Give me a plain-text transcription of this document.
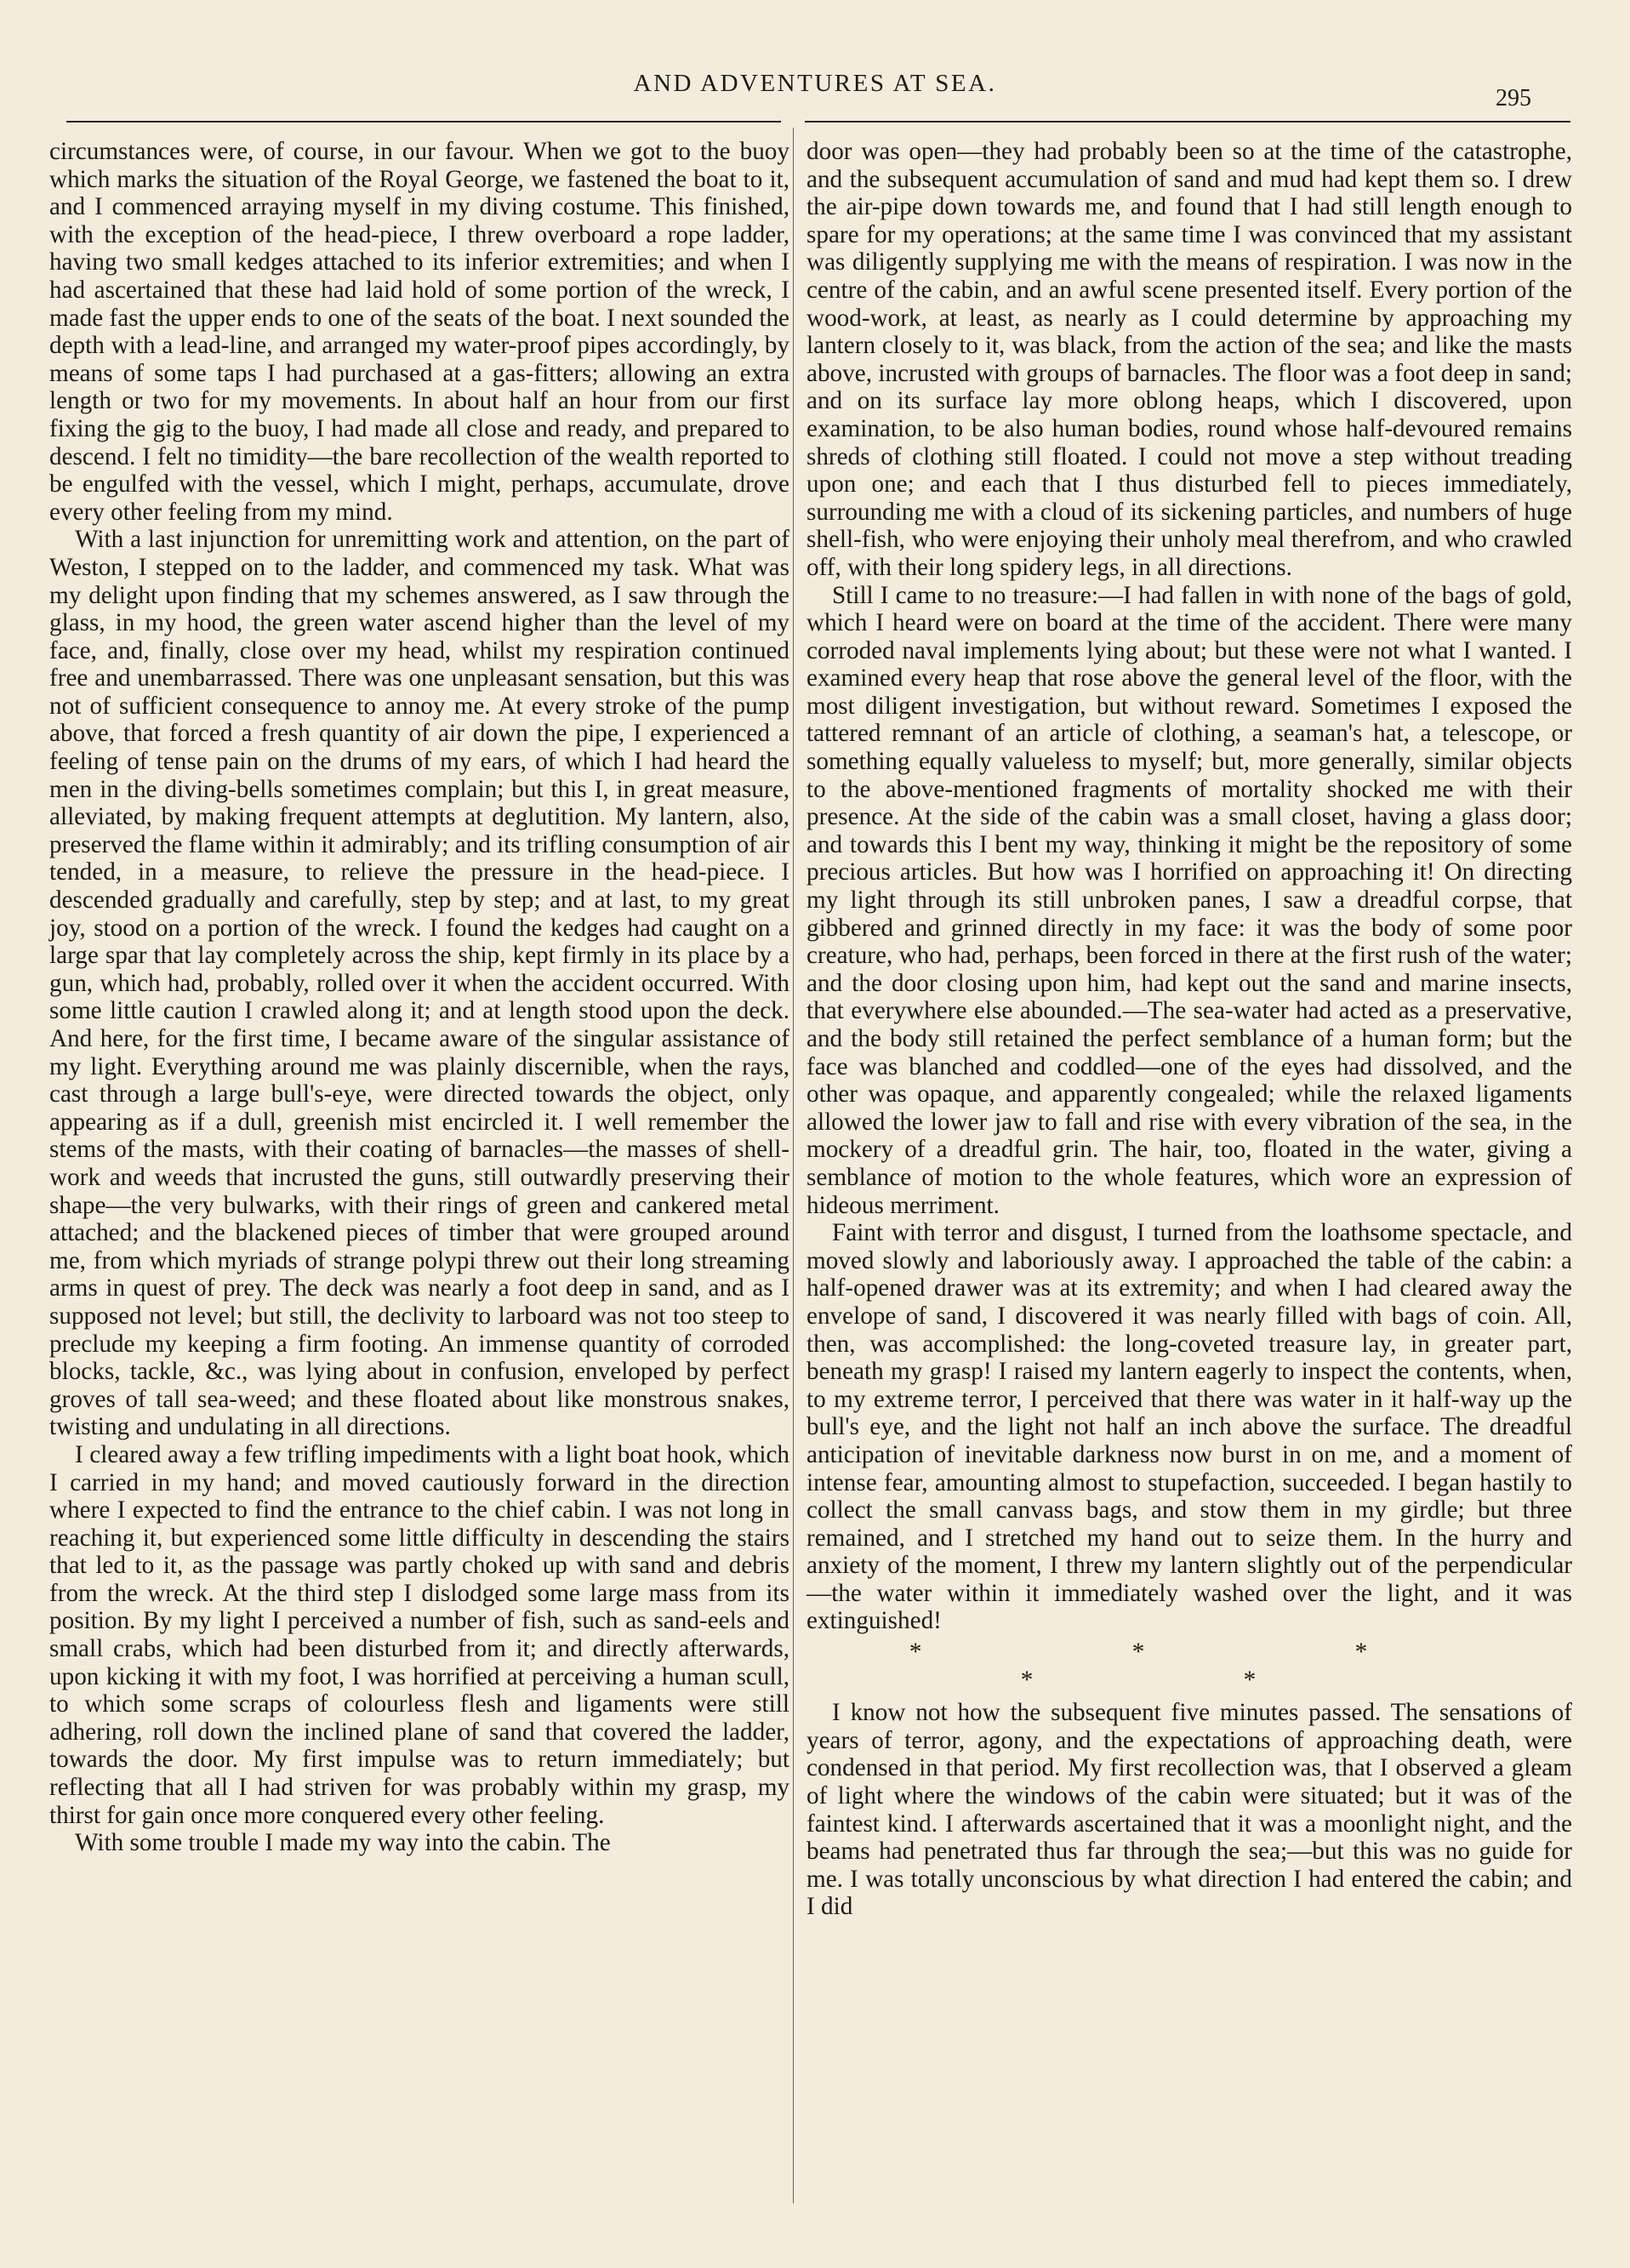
AND ADVENTURES AT SEA.
295

circumstances were, of course, in our favour. When we got to the buoy which marks the situation of the Royal George, we fastened the boat to it, and I commenced arraying myself in my diving costume. This finished, with the exception of the head-piece, I threw overboard a rope ladder, having two small kedges attached to its inferior extremities; and when I had ascertained that these had laid hold of some portion of the wreck, I made fast the upper ends to one of the seats of the boat. I next sounded the depth with a lead-line, and arranged my water-proof pipes accordingly, by means of some taps I had purchased at a gas-fitters; allowing an extra length or two for my movements. In about half an hour from our first fixing the gig to the buoy, I had made all close and ready, and prepared to descend. I felt no timidity—the bare recollection of the wealth reported to be engulfed with the vessel, which I might, perhaps, accumulate, drove every other feeling from my mind.

With a last injunction for unremitting work and attention, on the part of Weston, I stepped on to the ladder, and commenced my task. What was my delight upon finding that my schemes answered, as I saw through the glass, in my hood, the green water ascend higher than the level of my face, and, finally, close over my head, whilst my respiration continued free and unembarrassed. There was one unpleasant sensation, but this was not of sufficient consequence to annoy me. At every stroke of the pump above, that forced a fresh quantity of air down the pipe, I experienced a feeling of tense pain on the drums of my ears, of which I had heard the men in the diving-bells sometimes complain; but this I, in great measure, alleviated, by making frequent attempts at deglutition. My lantern, also, preserved the flame within it admirably; and its trifling consumption of air tended, in a measure, to relieve the pressure in the head-piece. I descended gradually and carefully, step by step; and at last, to my great joy, stood on a portion of the wreck. I found the kedges had caught on a large spar that lay completely across the ship, kept firmly in its place by a gun, which had, probably, rolled over it when the accident occurred. With some little caution I crawled along it; and at length stood upon the deck. And here, for the first time, I became aware of the singular assistance of my light. Everything around me was plainly discernible, when the rays, cast through a large bull's-eye, were directed towards the object, only appearing as if a dull, greenish mist encircled it. I well remember the stems of the masts, with their coating of barnacles—the masses of shell-work and weeds that incrusted the guns, still outwardly preserving their shape—the very bulwarks, with their rings of green and cankered metal attached; and the blackened pieces of timber that were grouped around me, from which myriads of strange polypi threw out their long streaming arms in quest of prey. The deck was nearly a foot deep in sand, and as I supposed not level; but still, the declivity to larboard was not too steep to preclude my keeping a firm footing. An immense quantity of corroded blocks, tackle, &c., was lying about in confusion, enveloped by perfect groves of tall sea-weed; and these floated about like monstrous snakes, twisting and undulating in all directions.

I cleared away a few trifling impediments with a light boat hook, which I carried in my hand; and moved cautiously forward in the direction where I expected to find the entrance to the chief cabin. I was not long in reaching it, but experienced some little difficulty in descending the stairs that led to it, as the passage was partly choked up with sand and debris from the wreck. At the third step I dislodged some large mass from its position. By my light I perceived a number of fish, such as sand-eels and small crabs, which had been disturbed from it; and directly afterwards, upon kicking it with my foot, I was horrified at perceiving a human scull, to which some scraps of colourless flesh and ligaments were still adhering, roll down the inclined plane of sand that covered the ladder, towards the door. My first impulse was to return immediately; but reflecting that all I had striven for was probably within my grasp, my thirst for gain once more conquered every other feeling.

With some trouble I made my way into the cabin. The

door was open—they had probably been so at the time of the catastrophe, and the subsequent accumulation of sand and mud had kept them so. I drew the air-pipe down towards me, and found that I had still length enough to spare for my operations; at the same time I was convinced that my assistant was diligently supplying me with the means of respiration. I was now in the centre of the cabin, and an awful scene presented itself. Every portion of the wood-work, at least, as nearly as I could determine by approaching my lantern closely to it, was black, from the action of the sea; and like the masts above, incrusted with groups of barnacles. The floor was a foot deep in sand; and on its surface lay more oblong heaps, which I discovered, upon examination, to be also human bodies, round whose half-devoured remains shreds of clothing still floated. I could not move a step without treading upon one; and each that I thus disturbed fell to pieces immediately, surrounding me with a cloud of its sickening particles, and numbers of huge shell-fish, who were enjoying their unholy meal therefrom, and who crawled off, with their long spidery legs, in all directions.

Still I came to no treasure:—I had fallen in with none of the bags of gold, which I heard were on board at the time of the accident. There were many corroded naval implements lying about; but these were not what I wanted. I examined every heap that rose above the general level of the floor, with the most diligent investigation, but without reward. Sometimes I exposed the tattered remnant of an article of clothing, a seaman's hat, a telescope, or something equally valueless to myself; but, more generally, similar objects to the above-mentioned fragments of mortality shocked me with their presence. At the side of the cabin was a small closet, having a glass door; and towards this I bent my way, thinking it might be the repository of some precious articles. But how was I horrified on approaching it! On directing my light through its still unbroken panes, I saw a dreadful corpse, that gibbered and grinned directly in my face: it was the body of some poor creature, who had, perhaps, been forced in there at the first rush of the water; and the door closing upon him, had kept out the sand and marine insects, that everywhere else abounded.—The sea-water had acted as a preservative, and the body still retained the perfect semblance of a human form; but the face was blanched and coddled—one of the eyes had dissolved, and the other was opaque, and apparently congealed; while the relaxed ligaments allowed the lower jaw to fall and rise with every vibration of the sea, in the mockery of a dreadful grin. The hair, too, floated in the water, giving a semblance of motion to the whole features, which wore an expression of hideous merriment.

Faint with terror and disgust, I turned from the loathsome spectacle, and moved slowly and laboriously away. I approached the table of the cabin: a half-opened drawer was at its extremity; and when I had cleared away the envelope of sand, I discovered it was nearly filled with bags of coin. All, then, was accomplished: the long-coveted treasure lay, in greater part, beneath my grasp! I raised my lantern eagerly to inspect the contents, when, to my extreme terror, I perceived that there was water in it half-way up the bull's eye, and the light not half an inch above the surface. The dreadful anticipation of inevitable darkness now burst in on me, and a moment of intense fear, amounting almost to stupefaction, succeeded. I began hastily to collect the small canvass bags, and stow them in my girdle; but three remained, and I stretched my hand out to seize them. In the hurry and anxiety of the moment, I threw my lantern slightly out of the perpendicular—the water within it immediately washed over the light, and it was extinguished!

* * * * *

I know not how the subsequent five minutes passed. The sensations of years of terror, agony, and the expectations of approaching death, were condensed in that period. My first recollection was, that I observed a gleam of light where the windows of the cabin were situated; but it was of the faintest kind. I afterwards ascertained that it was a moonlight night, and the beams had penetrated thus far through the sea;—but this was no guide for me. I was totally unconscious by what direction I had entered the cabin; and I did
